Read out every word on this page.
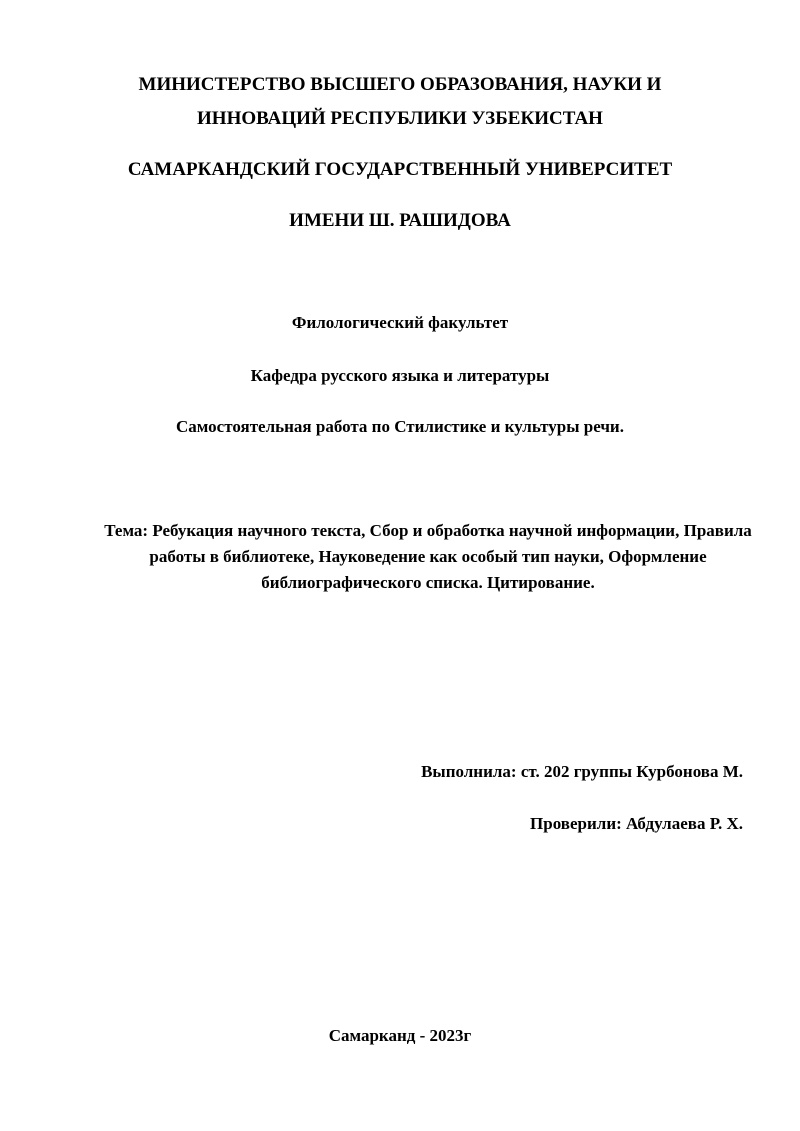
МИНИСТЕРСТВО ВЫСШЕГО ОБРАЗОВАНИЯ, НАУКИ И

ИННОВАЦИЙ РЕСПУБЛИКИ УЗБЕКИСТАН

САМАРКАНДСКИЙ ГОСУДАРСТВЕННЫЙ УНИВЕРСИТЕТ

ИМЕНИ Ш. РАШИДОВА

Филологический факультет

Кафедра русского языка и литературы

Самостоятельная работа по Стилистике и культуры речи.

Тема: Ребукация научного текста, Сбор и обработка научной информации, Правила работы в библиотеке, Науковедение как особый тип науки, Оформление библиографического списка. Цитирование.

Выполнила: ст. 202 группы Курбонова М.

Проверили: Абдулаева Р. Х.

Самарканд - 2023г
